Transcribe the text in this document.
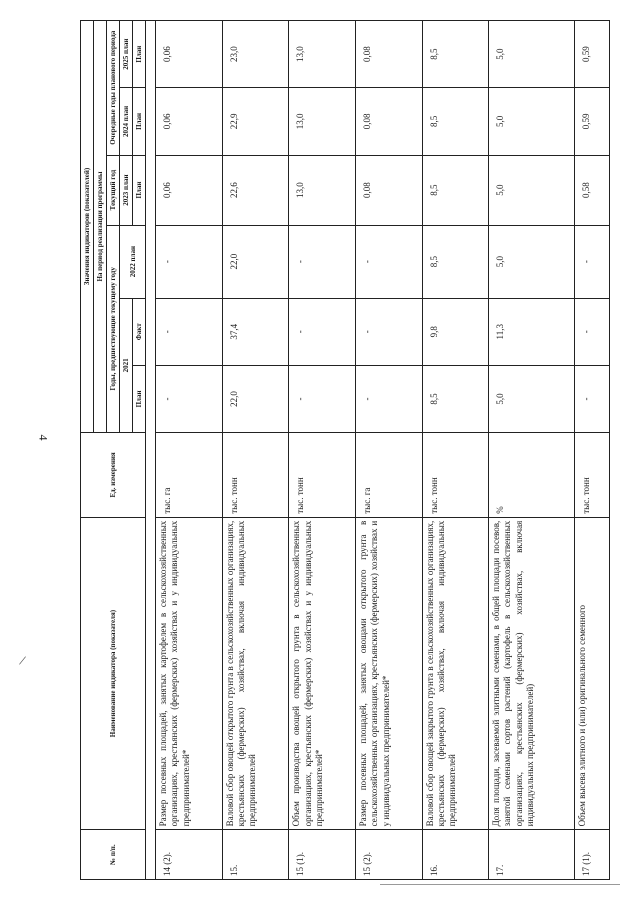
4
/
№ п/п.	Наименование индикатора (показателя)	Ед. измерения	Значения индикаторов (показателей)					
			На период реализации программы					
			Годы, предшествующие текущему году			Текущий год	Очередные годы планового периода	
			2021		2022 план	2023 план	2024 план	2025 план
			План	Факт		План	План	План

14 (2).	Размер посевных площадей, занятых картофелем в сельскохозяйственных организациях, крестьянских (фермерских) хозяйствах и у индивидуальных предпринимателей*	тыс. га	-	-	-	0,06	0,06	0,06
15.	Валовой сбор овощей открытого грунта в сельскохозяйственных организациях, крестьянских (фермерских) хозяйствах, включая индивидуальных предпринимателей	тыс. тонн	22,0	37,4	22,0	22,6	22,9	23,0
15 (1).	Объем производства овощей открытого грунта в сельскохозяйственных организациях, крестьянских (фермерских) хозяйствах и у индивидуальных предпринимателей*	тыс. тонн	-	-	-	13,0	13,0	13,0
15 (2).	Размер посевных площадей, занятых овощами открытого грунта в сельскохозяйственных организациях, крестьянских (фермерских) хозяйствах и у индивидуальных предпринимателей*	тыс. га	-	-	-	0,08	0,08	0,08
16.	Валовой сбор овощей закрытого грунта в сельскохозяйственных организациях, крестьянских (фермерских) хозяйствах, включая индивидуальных предпринимателей	тыс. тонн	8,5	9,8	8,5	8,5	8,5	8,5
17.	Доля площади, засеваемой элитными семенами, в общей площади посевов, занятой семенами сортов растений (картофель в сельскохозяйственных организациях, крестьянских (фермерских) хозяйствах, включая индивидуальных предпринимателей)	%	5,0	11,3	5,0	5,0	5,0	5,0
17 (1).	Объем высева элитного и (или) оригинального семенного	тыс. тонн	-	-	-	0,58	0,59	0,59
